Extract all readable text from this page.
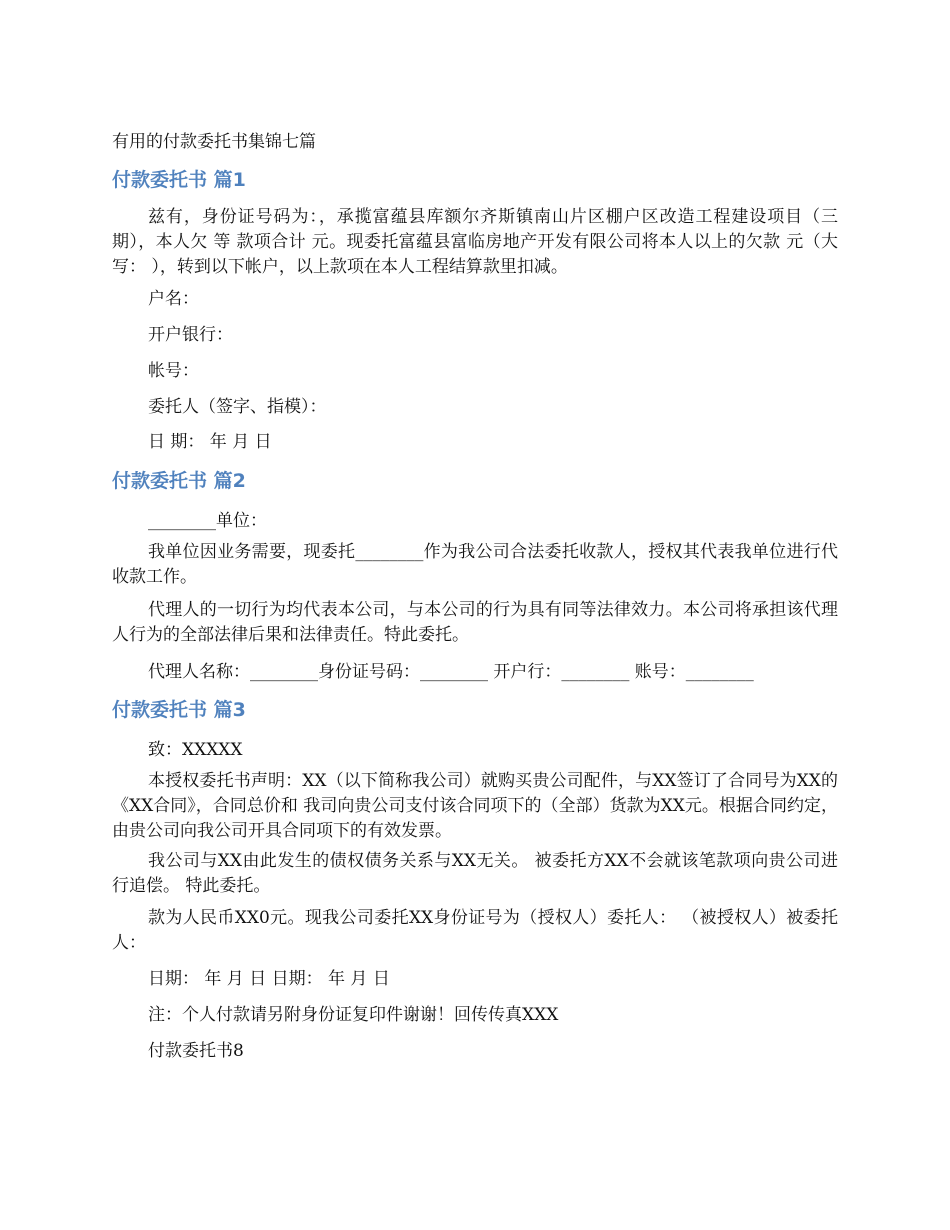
有用的付款委托书集锦七篇
付款委托书 篇1
兹有，身份证号码为：，承揽富蕴县库额尔齐斯镇南山片区棚户区改造工程建设项目（三期），本人欠 等 款项合计 元。现委托富蕴县富临房地产开发有限公司将本人以上的欠款 元（大写： ），转到以下帐户，以上款项在本人工程结算款里扣减。
户名：
开户银行：
帐号：
委托人（签字、指模）：
日 期： 年 月 日
付款委托书 篇2
________单位：
我单位因业务需要，现委托________作为我公司合法委托收款人，授权其代表我单位进行代收款工作。
代理人的一切行为均代表本公司，与本公司的行为具有同等法律效力。本公司将承担该代理人行为的全部法律后果和法律责任。特此委托。
代理人名称：________身份证号码：________ 开户行：________ 账号：________
付款委托书 篇3
致：XXXXX
本授权委托书声明：XX（以下简称我公司）就购买贵公司配件，与XX签订了合同号为XX的《XX合同》，合同总价和 我司向贵公司支付该合同项下的（全部）货款为XX元。根据合同约定，由贵公司向我公司开具合同项下的有效发票。
我公司与XX由此发生的债权债务关系与XX无关。 被委托方XX不会就该笔款项向贵公司进行追偿。 特此委托。
款为人民币XX0元。现我公司委托XX身份证号为（授权人）委托人： （被授权人）被委托人：
日期： 年 月 日 日期： 年 月 日
注：个人付款请另附身份证复印件谢谢！回传传真XXX
付款委托书8
